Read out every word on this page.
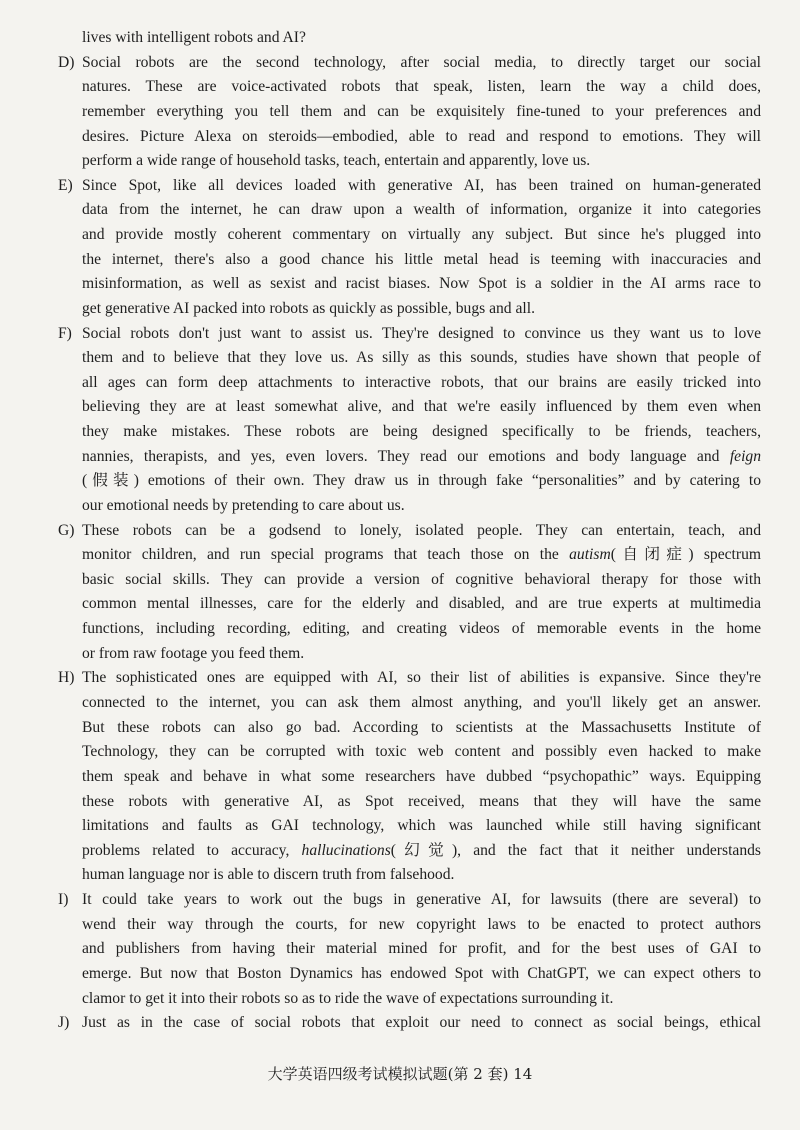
lives with intelligent robots and AI?
D) Social robots are the second technology, after social media, to directly target our social
natures. These are voice-activated robots that speak, listen, learn the way a child does,
remember everything you tell them and can be exquisitely fine-tuned to your preferences and
desires. Picture Alexa on steroids—embodied, able to read and respond to emotions. They will
perform a wide range of household tasks, teach, entertain and apparently, love us.
E) Since Spot, like all devices loaded with generative AI, has been trained on human-generated
data from the internet, he can draw upon a wealth of information, organize it into categories
and provide mostly coherent commentary on virtually any subject. But since he's plugged into
the internet, there's also a good chance his little metal head is teeming with inaccuracies and
misinformation, as well as sexist and racist biases. Now Spot is a soldier in the AI arms race to
get generative AI packed into robots as quickly as possible, bugs and all.
F) Social robots don't just want to assist us. They're designed to convince us they want us to love
them and to believe that they love us. As silly as this sounds, studies have shown that people of
all ages can form deep attachments to interactive robots, that our brains are easily tricked into
believing they are at least somewhat alive, and that we're easily influenced by them even when
they make mistakes. These robots are being designed specifically to be friends, teachers,
nannies, therapists, and yes, even lovers. They read our emotions and body language and feign
(假装) emotions of their own. They draw us in through fake “personalities” and by catering to
our emotional needs by pretending to care about us.
G) These robots can be a godsend to lonely, isolated people. They can entertain, teach, and
monitor children, and run special programs that teach those on the autism(自闭症) spectrum
basic social skills. They can provide a version of cognitive behavioral therapy for those with
common mental illnesses, care for the elderly and disabled, and are true experts at multimedia
functions, including recording, editing, and creating videos of memorable events in the home
or from raw footage you feed them.
H) The sophisticated ones are equipped with AI, so their list of abilities is expansive. Since they're
connected to the internet, you can ask them almost anything, and you'll likely get an answer.
But these robots can also go bad. According to scientists at the Massachusetts Institute of
Technology, they can be corrupted with toxic web content and possibly even hacked to make
them speak and behave in what some researchers have dubbed “psychopathic” ways. Equipping
these robots with generative AI, as Spot received, means that they will have the same
limitations and faults as GAI technology, which was launched while still having significant
problems related to accuracy, hallucinations(幻觉), and the fact that it neither understands
human language nor is able to discern truth from falsehood.
I) It could take years to work out the bugs in generative AI, for lawsuits (there are several) to
wend their way through the courts, for new copyright laws to be enacted to protect authors
and publishers from having their material mined for profit, and for the best uses of GAI to
emerge. But now that Boston Dynamics has endowed Spot with ChatGPT, we can expect others to
clamor to get it into their robots so as to ride the wave of expectations surrounding it.
J) Just as in the case of social robots that exploit our need to connect as social beings, ethical
大学英语四级考试模拟试题(第 2 套) 14
